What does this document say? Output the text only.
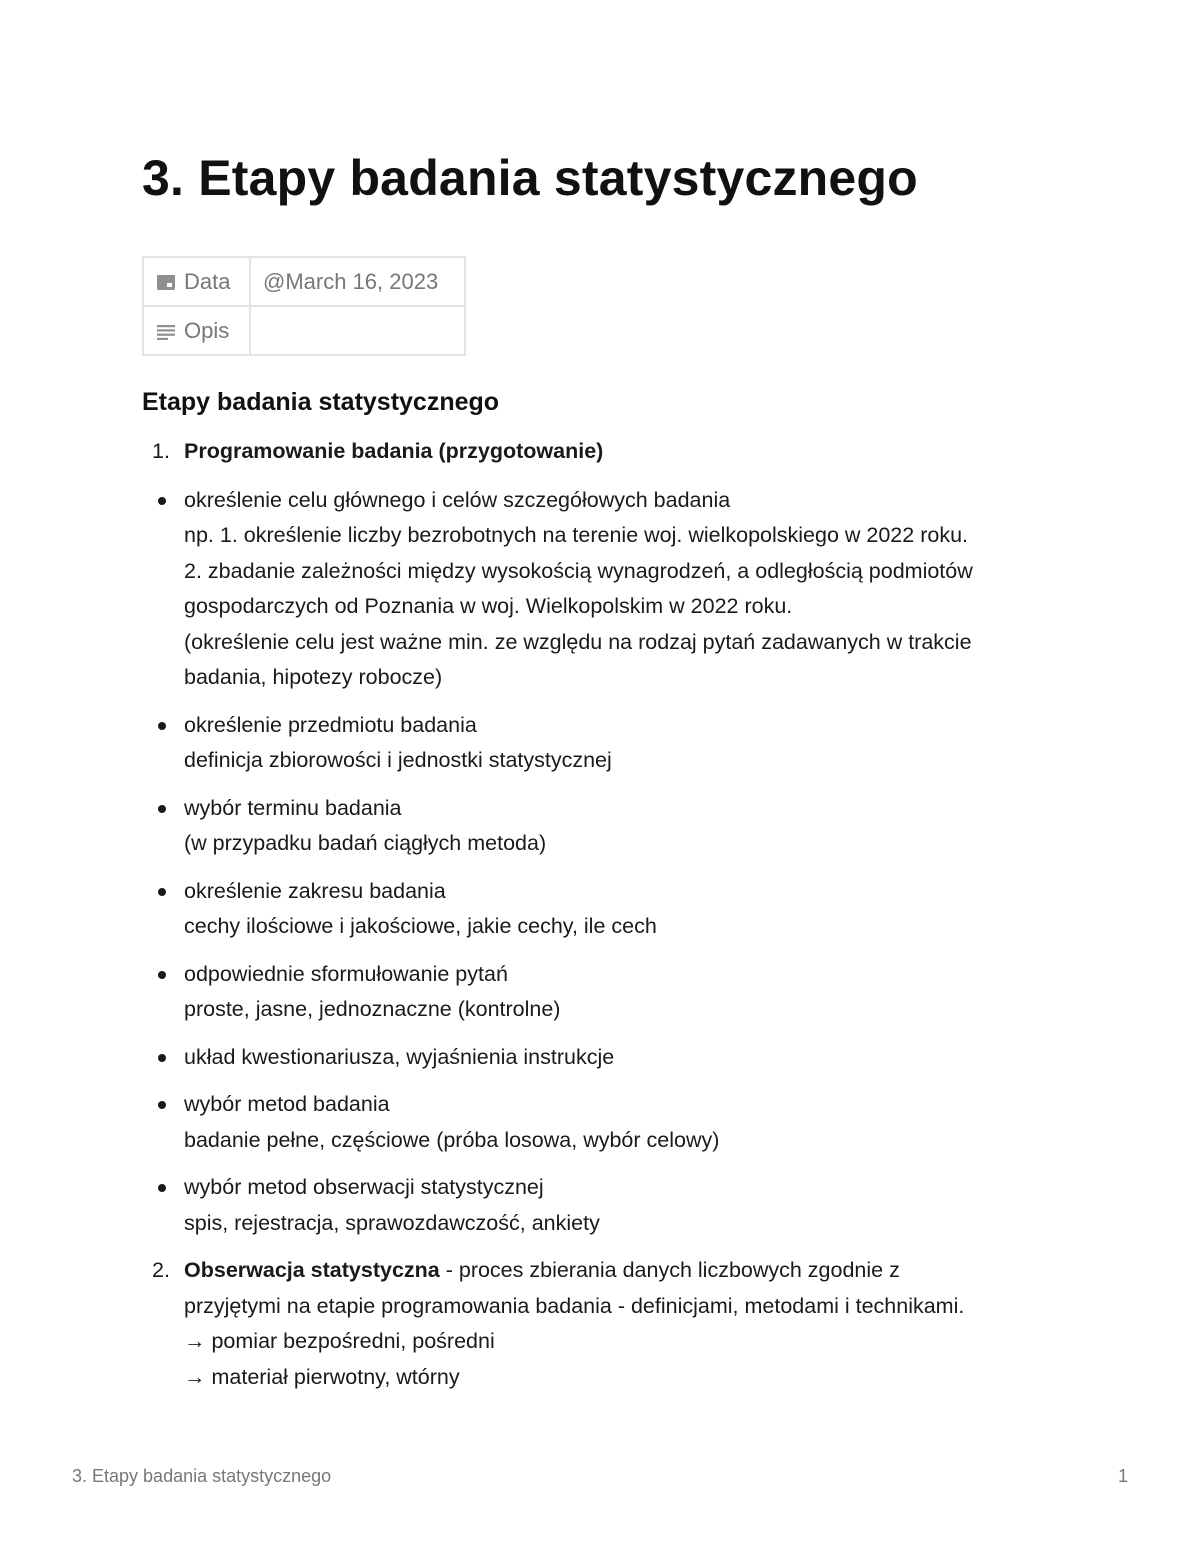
3. Etapy badania statystycznego
Data	@March 16, 2023
Opis	
Etapy badania statystycznego
1. Programowanie badania (przygotowanie)
określenie celu głównego i celów szczegółowych badania
np. 1. określenie liczby bezrobotnych na terenie woj. wielkopolskiego w 2022 roku.
2. zbadanie zależności między wysokością wynagrodzeń, a odległością podmiotów
gospodarczych od Poznania w woj. Wielkopolskim w 2022 roku.
(określenie celu jest ważne min. ze względu na rodzaj pytań zadawanych w trakcie
badania, hipotezy robocze)
określenie przedmiotu badania
definicja zbiorowości i jednostki statystycznej
wybór terminu badania
(w przypadku badań ciągłych metoda)
określenie zakresu badania
cechy ilościowe i jakościowe, jakie cechy, ile cech
odpowiednie sformułowanie pytań
proste, jasne, jednoznaczne (kontrolne)
układ kwestionariusza, wyjaśnienia instrukcje
wybór metod badania
badanie pełne, częściowe (próba losowa, wybór celowy)
wybór metod obserwacji statystycznej
spis, rejestracja, sprawozdawczość, ankiety
2. Obserwacja statystyczna - proces zbierania danych liczbowych zgodnie z
przyjętymi na etapie programowania badania - definicjami, metodami i technikami.
→ pomiar bezpośredni, pośredni
→ materiał pierwotny, wtórny
3. Etapy badania statystycznego	1
